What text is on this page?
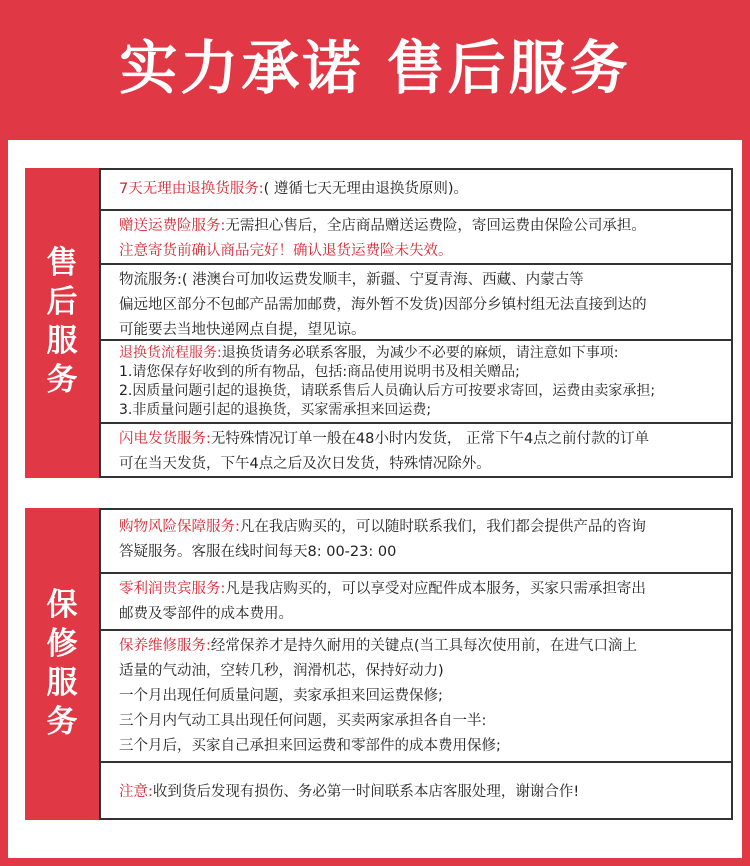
实力承诺 售后服务
售
后
服
务
7天无理由退换货服务:( 遵循七天无理由退换货原则)。
赠送运费险服务:无需担心售后，全店商品赠送运费险，寄回运费由保险公司承担。
注意寄货前确认商品完好！确认退货运费险未失效。
物流服务:( 港澳台可加收运费发顺丰，新疆、宁夏青海、西藏、内蒙古等
偏远地区部分不包邮产品需加邮费，海外暂不发货)因部分乡镇村组无法直接到达的
可能要去当地快递网点自提，望见谅。
退换货流程服务:退换货请务必联系客服，为减少不必要的麻烦，请注意如下事项:
1.请您保存好收到的所有物品，包括:商品使用说明书及相关赠品;
2.因质量问题引起的退换货，请联系售后人员确认后方可按要求寄回，运费由卖家承担;
3.非质量问题引起的退换货，买家需承担来回运费;
闪电发货服务:无特殊情况订单一般在48小时内发货， 正常下午4点之前付款的订单
可在当天发货，下午4点之后及次日发货，特殊情况除外。
保
修
服
务
购物风险保障服务:凡在我店购买的，可以随时联系我们，我们都会提供产品的咨询
答疑服务。客服在线时间每天8: 00-23: 00
零利润贵宾服务:凡是我店购买的，可以享受对应配件成本服务，买家只需承担寄出
邮费及零部件的成本费用。
保养维修服务:经常保养才是持久耐用的关键点(当工具每次使用前，在进气口滴上
适量的气动油，空转几秒，润滑机芯，保持好动力)
一个月出现任何质量问题，卖家承担来回运费保修;
三个月内气动工具出现任何问题，买卖两家承担各自一半:
三个月后，买家自己承担来回运费和零部件的成本费用保修;
注意:收到货后发现有损伤、务必第一时间联系本店客服处理，谢谢合作!
